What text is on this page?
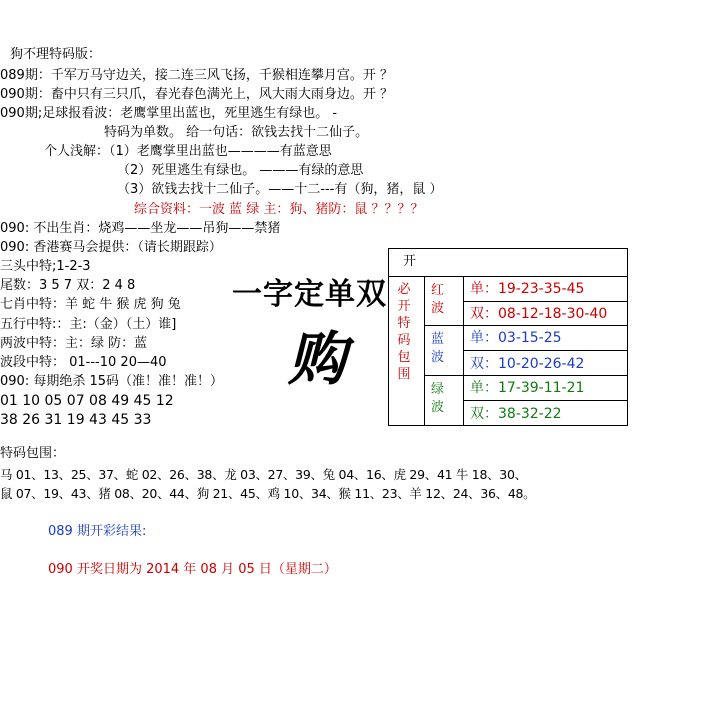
狗不理特码版：
089期：千军万马守边关，接二连三风飞扬，千猴相连攀月宫。开 ？
090期：畜中只有三只爪，春光春色满光上，风大雨大雨身边。开 ？
090期;足球报看波：老鹰掌里出蓝也，死里逃生有绿也。 -
特码为单数。 给一句话：欲钱去找十二仙子。
个人浅解：（1）老鹰掌里出蓝也————有蓝意思
（2）死里逃生有绿也。 ———有绿的意思
（3）欲钱去找十二仙子。——十二---有（狗，猪，鼠 ）
综合资料：一波 蓝 绿 主：狗、猪防：鼠 ？？？？
090: 不出生肖：烧鸡——坐龙——吊狗——禁猪
090: 香港赛马会提供：（请长期跟踪）
三头中特;1-2-3
尾数：3 5 7 双：2 4 8
七肖中特：羊 蛇 牛 猴 虎 狗 兔
五行中特:：主:（金）（土）谁]
两波中特：主：绿 防：蓝
波段中特： 01---10 20—40
090: 每期绝杀 15码（准！准！准！）
01 10 05 07 08 49 45 12
38 26 31 19 43 45 33
一字定单双
购
开
必
开
特
码
包
围
红波
蓝波
绿波
单：19-23-35-45
双：08-12-18-30-40
单：03-15-25
双：10-20-26-42
单：17-39-11-21
双：38-32-22
特码包围：
马 01、13、25、37、蛇 02、26、38、龙 03、27、39、兔 04、16、虎 29、41 牛 18、30、
鼠 07、19、43、猪 08、20、44、狗 21、45、鸡 10、34、猴 11、23、羊 12、24、36、48。
089 期开彩结果:
090 开奖日期为 2014 年 08 月 05 日（星期二）
